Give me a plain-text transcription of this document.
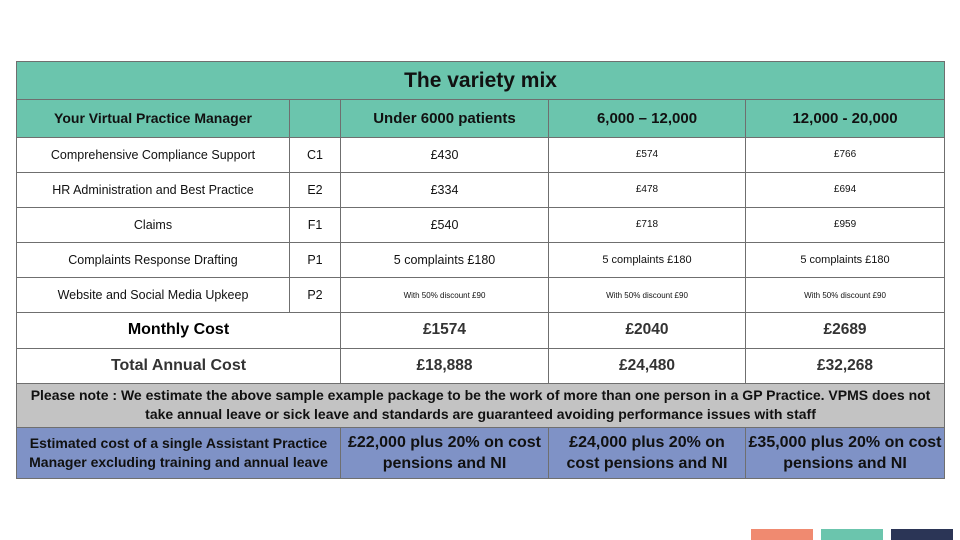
The variety mix				
Your Virtual Practice Manager		Under 6000 patients	6,000 – 12,000	12,000 - 20,000
Comprehensive Compliance Support	C1	£430	£574	£766
HR Administration and Best Practice	E2	£334	£478	£694
Claims	F1	£540	£718	£959
Complaints Response Drafting	P1	5 complaints £180	5 complaints £180	5 complaints £180
Website and Social Media Upkeep	P2	With 50% discount £90	With 50% discount £90	With 50% discount £90
Monthly Cost		£1574	£2040	£2689
Total Annual Cost		£18,888	£24,480	£32,268
Please note : We estimate the above sample example package to be the work of more than one person in a GP Practice. VPMS does not take annual leave or sick leave and standards are guaranteed avoiding performance issues with staff				
Estimated cost of a single Assistant Practice Manager excluding training and annual leave		£22,000 plus 20% on cost pensions and NI	£24,000 plus 20% on cost pensions and NI	£35,000 plus 20% on cost pensions and NI
